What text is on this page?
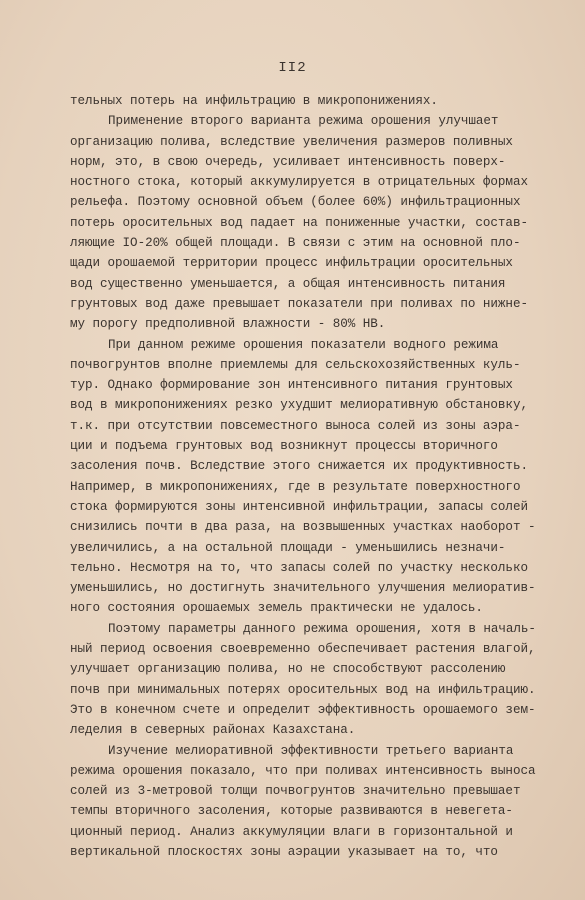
II2
тельных потерь на инфильтрацию в микропонижениях.
Применение второго варианта режима орошения улучшает
организацию полива, вследствие увеличения размеров поливных
норм, это, в свою очередь, усиливает интенсивность поверх-
ностного стока, который аккумулируется в отрицательных формах
рельефа. Поэтому основной объем (более 60%) инфильтрационных
потерь оросительных вод падает на пониженные участки, состав-
ляющие IO-20% общей площади. В связи с этим на основной пло-
щади орошаемой территории процесс инфильтрации оросительных
вод существенно уменьшается, а общая интенсивность питания
грунтовых вод даже превышает показатели при поливах по нижне-
му порогу предполивной влажности - 80% НВ.
При данном режиме орошения показатели водного режима
почвогрунтов вполне приемлемы для сельскохозяйственных куль-
тур. Однако формирование зон интенсивного питания грунтовых
вод в микропонижениях резко ухудшит мелиоративную обстановку,
т.к. при отсутствии повсеместного выноса солей из зоны аэра-
ции и подъема грунтовых вод возникнут процессы вторичного
засоления почв. Вследствие этого снижается их продуктивность.
Например, в микропонижениях, где в результате поверхностного
стока формируются зоны интенсивной инфильтрации, запасы солей
снизились почти в два раза, на возвышенных участках наоборот -
увеличились, а на остальной площади - уменьшились незначи-
тельно. Несмотря на то, что запасы солей по участку несколько
уменьшились, но достигнуть значительного улучшения мелиоратив-
ного состояния орошаемых земель практически не удалось.
Поэтому параметры данного режима орошения, хотя в началь-
ный период освоения своевременно обеспечивает растения влагой,
улучшает организацию полива, но не способствуют рассолению
почв при минимальных потерях оросительных вод на инфильтрацию.
Это в конечном счете и определит эффективность орошаемого зем-
леделия в северных районах Казахстана.
Изучение мелиоративной эффективности третьего варианта
режима орошения показало, что при поливах интенсивность выноса
солей из 3-метровой толщи почвогрунтов значительно превышает
темпы вторичного засоления, которые развиваются в невегета-
ционный период. Анализ аккумуляции влаги в горизонтальной и
вертикальной плоскостях зоны аэрации указывает на то, что
